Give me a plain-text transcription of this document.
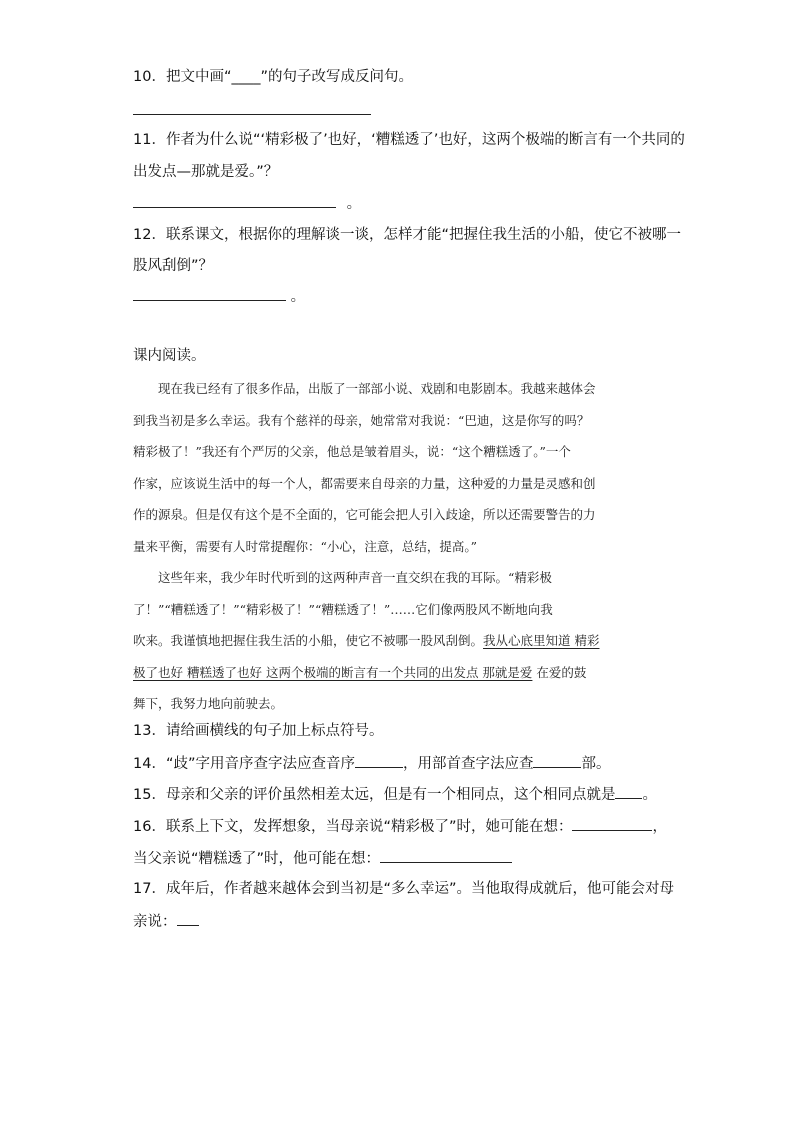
10．把文中画“____”的句子改写成反问句。
11．作者为什么说“‘精彩极了’也好，‘糟糕透了’也好，这两个极端的断言有一个共同的
出发点—那就是爱。”？
。
12．联系课文，根据你的理解谈一谈，怎样才能“把握住我生活的小船，使它不被哪一
股风刮倒”？
。
课内阅读。

　　现在我已经有了很多作品，出版了一部部小说、戏剧和电影剧本。我越来越体会

到我当初是多么幸运。我有个慈祥的母亲，她常常对我说：“巴迪，这是你写的吗？

精彩极了！”我还有个严厉的父亲，他总是皱着眉头，说：“这个糟糕透了。”一个

作家，应该说生活中的每一个人，都需要来自母亲的力量，这种爱的力量是灵感和创

作的源泉。但是仅有这个是不全面的，它可能会把人引入歧途，所以还需要警告的力

量来平衡，需要有人时常提醒你：“小心，注意，总结，提高。”

　　这些年来，我少年时代听到的这两种声音一直交织在我的耳际。“精彩极

了！”“糟糕透了！”“精彩极了！”“糟糕透了！”……它们像两股风不断地向我

吹来。我谨慎地把握住我生活的小船，使它不被哪一股风刮倒。我从心底里知道 精彩

极了也好 糟糕透了也好 这两个极端的断言有一个共同的出发点 那就是爱 在爱的鼓

舞下，我努力地向前驶去。

13．请给画横线的句子加上标点符号。
14．“歧”字用音序查字法应查音序	，用部首查字法应查	部。
15．母亲和父亲的评价虽然相差太远，但是有一个相同点，这个相同点就是 。
16．联系上下文，发挥想象，当母亲说“精彩极了”时，她可能在想：	，
当父亲说“糟糕透了”时，他可能在想：
17．成年后，作者越来越体会到当初是“多么幸运”。当他取得成就后，他可能会对母
亲说：
